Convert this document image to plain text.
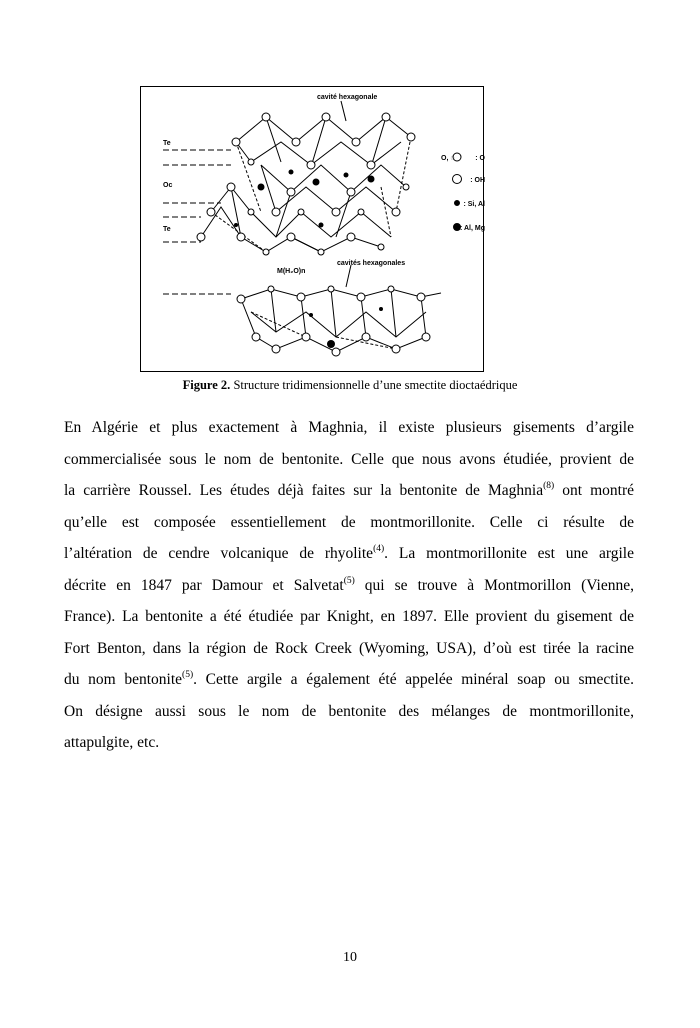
cavité hexagonale
cavités hexagonales
M(H₂O)n
Te
Oc
Te
O, ◌	: O
: OH
: Si, Al
: Al, Mg
Figure 2. Structure tridimensionnelle d’une smectite dioctaédrique
En Algérie et plus exactement à Maghnia, il existe plusieurs gisements d’argile
commercialisée sous le nom de bentonite. Celle que nous avons étudiée, provient de
la carrière Roussel. Les études déjà faites sur la bentonite de Maghnia$^{(8)}$ ont montré
qu’elle est composée essentiellement de montmorillonite. Celle ci résulte de
l’altération de cendre volcanique de rhyolite$^{(4)}$. La montmorillonite est une argile
décrite en 1847 par Damour et Salvetat$^{(5)}$ qui se trouve à Montmorillon (Vienne,
France). La bentonite a été étudiée par Knight, en 1897. Elle provient du gisement de
Fort Benton, dans la région de Rock Creek (Wyoming, USA), d’où est tirée la racine
du nom bentonite$^{(5)}$. Cette argile a également été appelée minéral soap ou smectite.
On désigne aussi sous le nom de bentonite des mélanges de montmorillonite,
attapulgite, etc.
10
